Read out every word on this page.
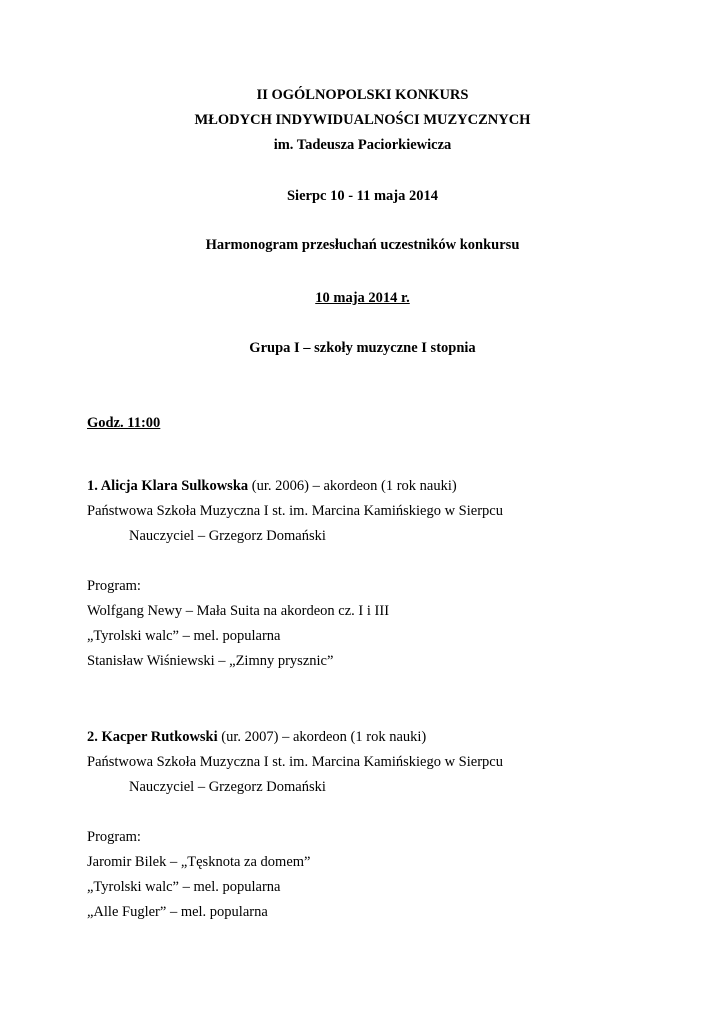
II OGÓLNOPOLSKI KONKURS
MŁODYCH INDYWIDUALNOŚCI MUZYCZNYCH
im. Tadeusza Paciorkiewicza
Sierpc 10 - 11 maja 2014
Harmonogram przesłuchań uczestników konkursu
10 maja 2014 r.
Grupa I – szkoły muzyczne I stopnia
Godz. 11:00
1. Alicja Klara Sulkowska (ur. 2006) – akordeon (1 rok nauki)
Państwowa Szkoła Muzyczna I st. im. Marcina Kamińskiego w Sierpcu
Nauczyciel – Grzegorz Domański
Program:
Wolfgang Newy – Mała Suita na akordeon cz. I i III
„Tyrolski walc” – mel. popularna
Stanisław Wiśniewski – „Zimny prysznic”
2. Kacper Rutkowski (ur. 2007) – akordeon (1 rok nauki)
Państwowa Szkoła Muzyczna I st. im. Marcina Kamińskiego w Sierpcu
Nauczyciel – Grzegorz Domański
Program:
Jaromir Bilek – „Tęsknota za domem”
„Tyrolski walc” – mel. popularna
„Alle Fugler” – mel. popularna
